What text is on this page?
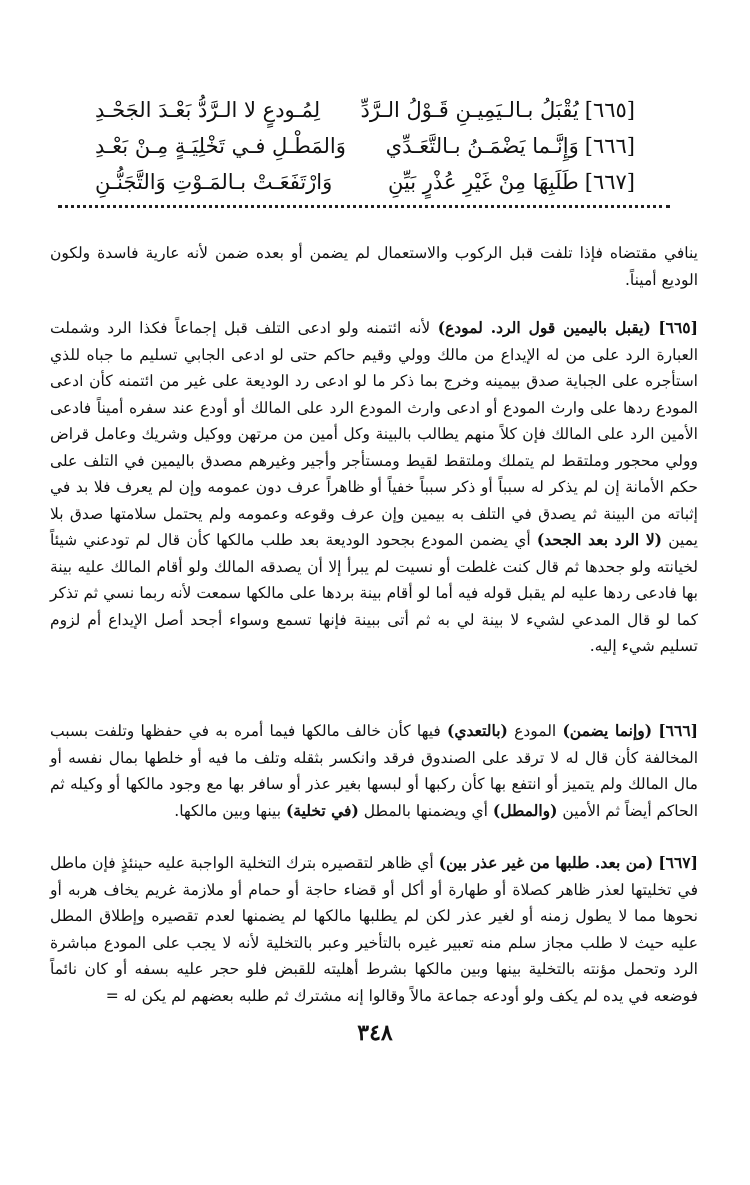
[٦٦٥]يُقْبَلُ بـالـيَمِيـنِ قَـوْلُ الـرَّدِّ
لِمُـودعٍ لا الـرَّدُّ بَعْـدَ الجَحْـدِ
[٦٦٦]وَإِنَّـما يَضْمَـنُ بـالتَّعَـدِّي
وَالمَطْـلِ فـي تَخْلِيَـةٍ مِـنْ بَعْـدِ
[٦٦٧]طَلَبِهَا مِنْ غَيْرِ عُذْرٍ بَيِّنِ
وَارْتَفَعَـتْ بـالمَـوْتِ وَالتَّجَنُّـنِ

ينافي مقتضاه فإذا تلفت قبل الركوب والاستعمال لم يضمن أو بعده ضمن لأنه عارية فاسدة ولكون الوديع أميناً.

[٦٦٥] (يقبل باليمين قول الرد. لمودع) لأنه ائتمنه ولو ادعى التلف قبل إجماعاً فكذا الرد وشملت العبارة الرد على من له الإيداع من مالك وولي وقيم حاكم حتى لو ادعى الجابي تسليم ما جباه للذي استأجره على الجباية صدق بيمينه وخرج بما ذكر ما لو ادعى رد الوديعة على غير من ائتمنه كأن ادعى المودع ردها على وارث المودع أو ادعى وارث المودع الرد على المالك أو أودع عند سفره أميناً فادعى الأمين الرد على المالك فإن كلاً منهم يطالب بالبينة وكل أمين من مرتهن ووكيل وشريك وعامل قراض وولي محجور وملتقط لم يتملك وملتقط لقيط ومستأجر وأجير وغيرهم مصدق باليمين في التلف على حكم الأمانة إن لم يذكر له سبباً أو ذكر سبباً خفياً أو ظاهراً عرف دون عمومه وإن لم يعرف فلا بد في إثباته من البينة ثم يصدق في التلف به بيمين وإن عرف وقوعه وعمومه ولم يحتمل سلامتها صدق بلا يمين (لا الرد بعد الجحد) أي يضمن المودع بجحود الوديعة بعد طلب مالكها كأن قال لم تودعني شيئاً لخيانته ولو جحدها ثم قال كنت غلطت أو نسيت لم يبرأ إلا أن يصدقه المالك ولو أقام المالك عليه بينة بها فادعى ردها عليه لم يقبل قوله فيه أما لو أقام بينة بردها على مالكها سمعت لأنه ربما نسي ثم تذكر كما لو قال المدعي لشيء لا بينة لي به ثم أتى ببينة فإنها تسمع وسواء أجحد أصل الإيداع أم لزوم تسليم شيء إليه.

[٦٦٦] (وإنما يضمن) المودع (بالتعدي) فيها كأن خالف مالكها فيما أمره به في حفظها وتلفت بسبب المخالفة كأن قال له لا ترقد على الصندوق فرقد وانكسر بثقله وتلف ما فيه أو خلطها بمال نفسه أو مال المالك ولم يتميز أو انتفع بها كأن ركبها أو لبسها بغير عذر أو سافر بها مع وجود مالكها أو وكيله ثم الحاكم أيضاً ثم الأمين (والمطل) أي ويضمنها بالمطل (في تخلية) بينها وبين مالكها.

[٦٦٧] (من بعد. طلبها من غير عذر بين) أي ظاهر لتقصيره بترك التخلية الواجبة عليه حينئذٍ فإن ماطل في تخليتها لعذر ظاهر كصلاة أو طهارة أو أكل أو قضاء حاجة أو حمام أو ملازمة غريم يخاف هربه أو نحوها مما لا يطول زمنه أو لغير عذر لكن لم يطلبها مالكها لم يضمنها لعدم تقصيره وإطلاق المطل عليه حيث لا طلب مجاز سلم منه تعبير غيره بالتأخير وعبر بالتخلية لأنه لا يجب على المودع مباشرة الرد وتحمل مؤنته بالتخلية بينها وبين مالكها بشرط أهليته للقبض فلو حجر عليه بسفه أو كان نائماً فوضعه في يده لم يكف ولو أودعه جماعة مالاً وقالوا إنه مشترك ثم طلبه بعضهم لم يكن له =

٣٤٨
